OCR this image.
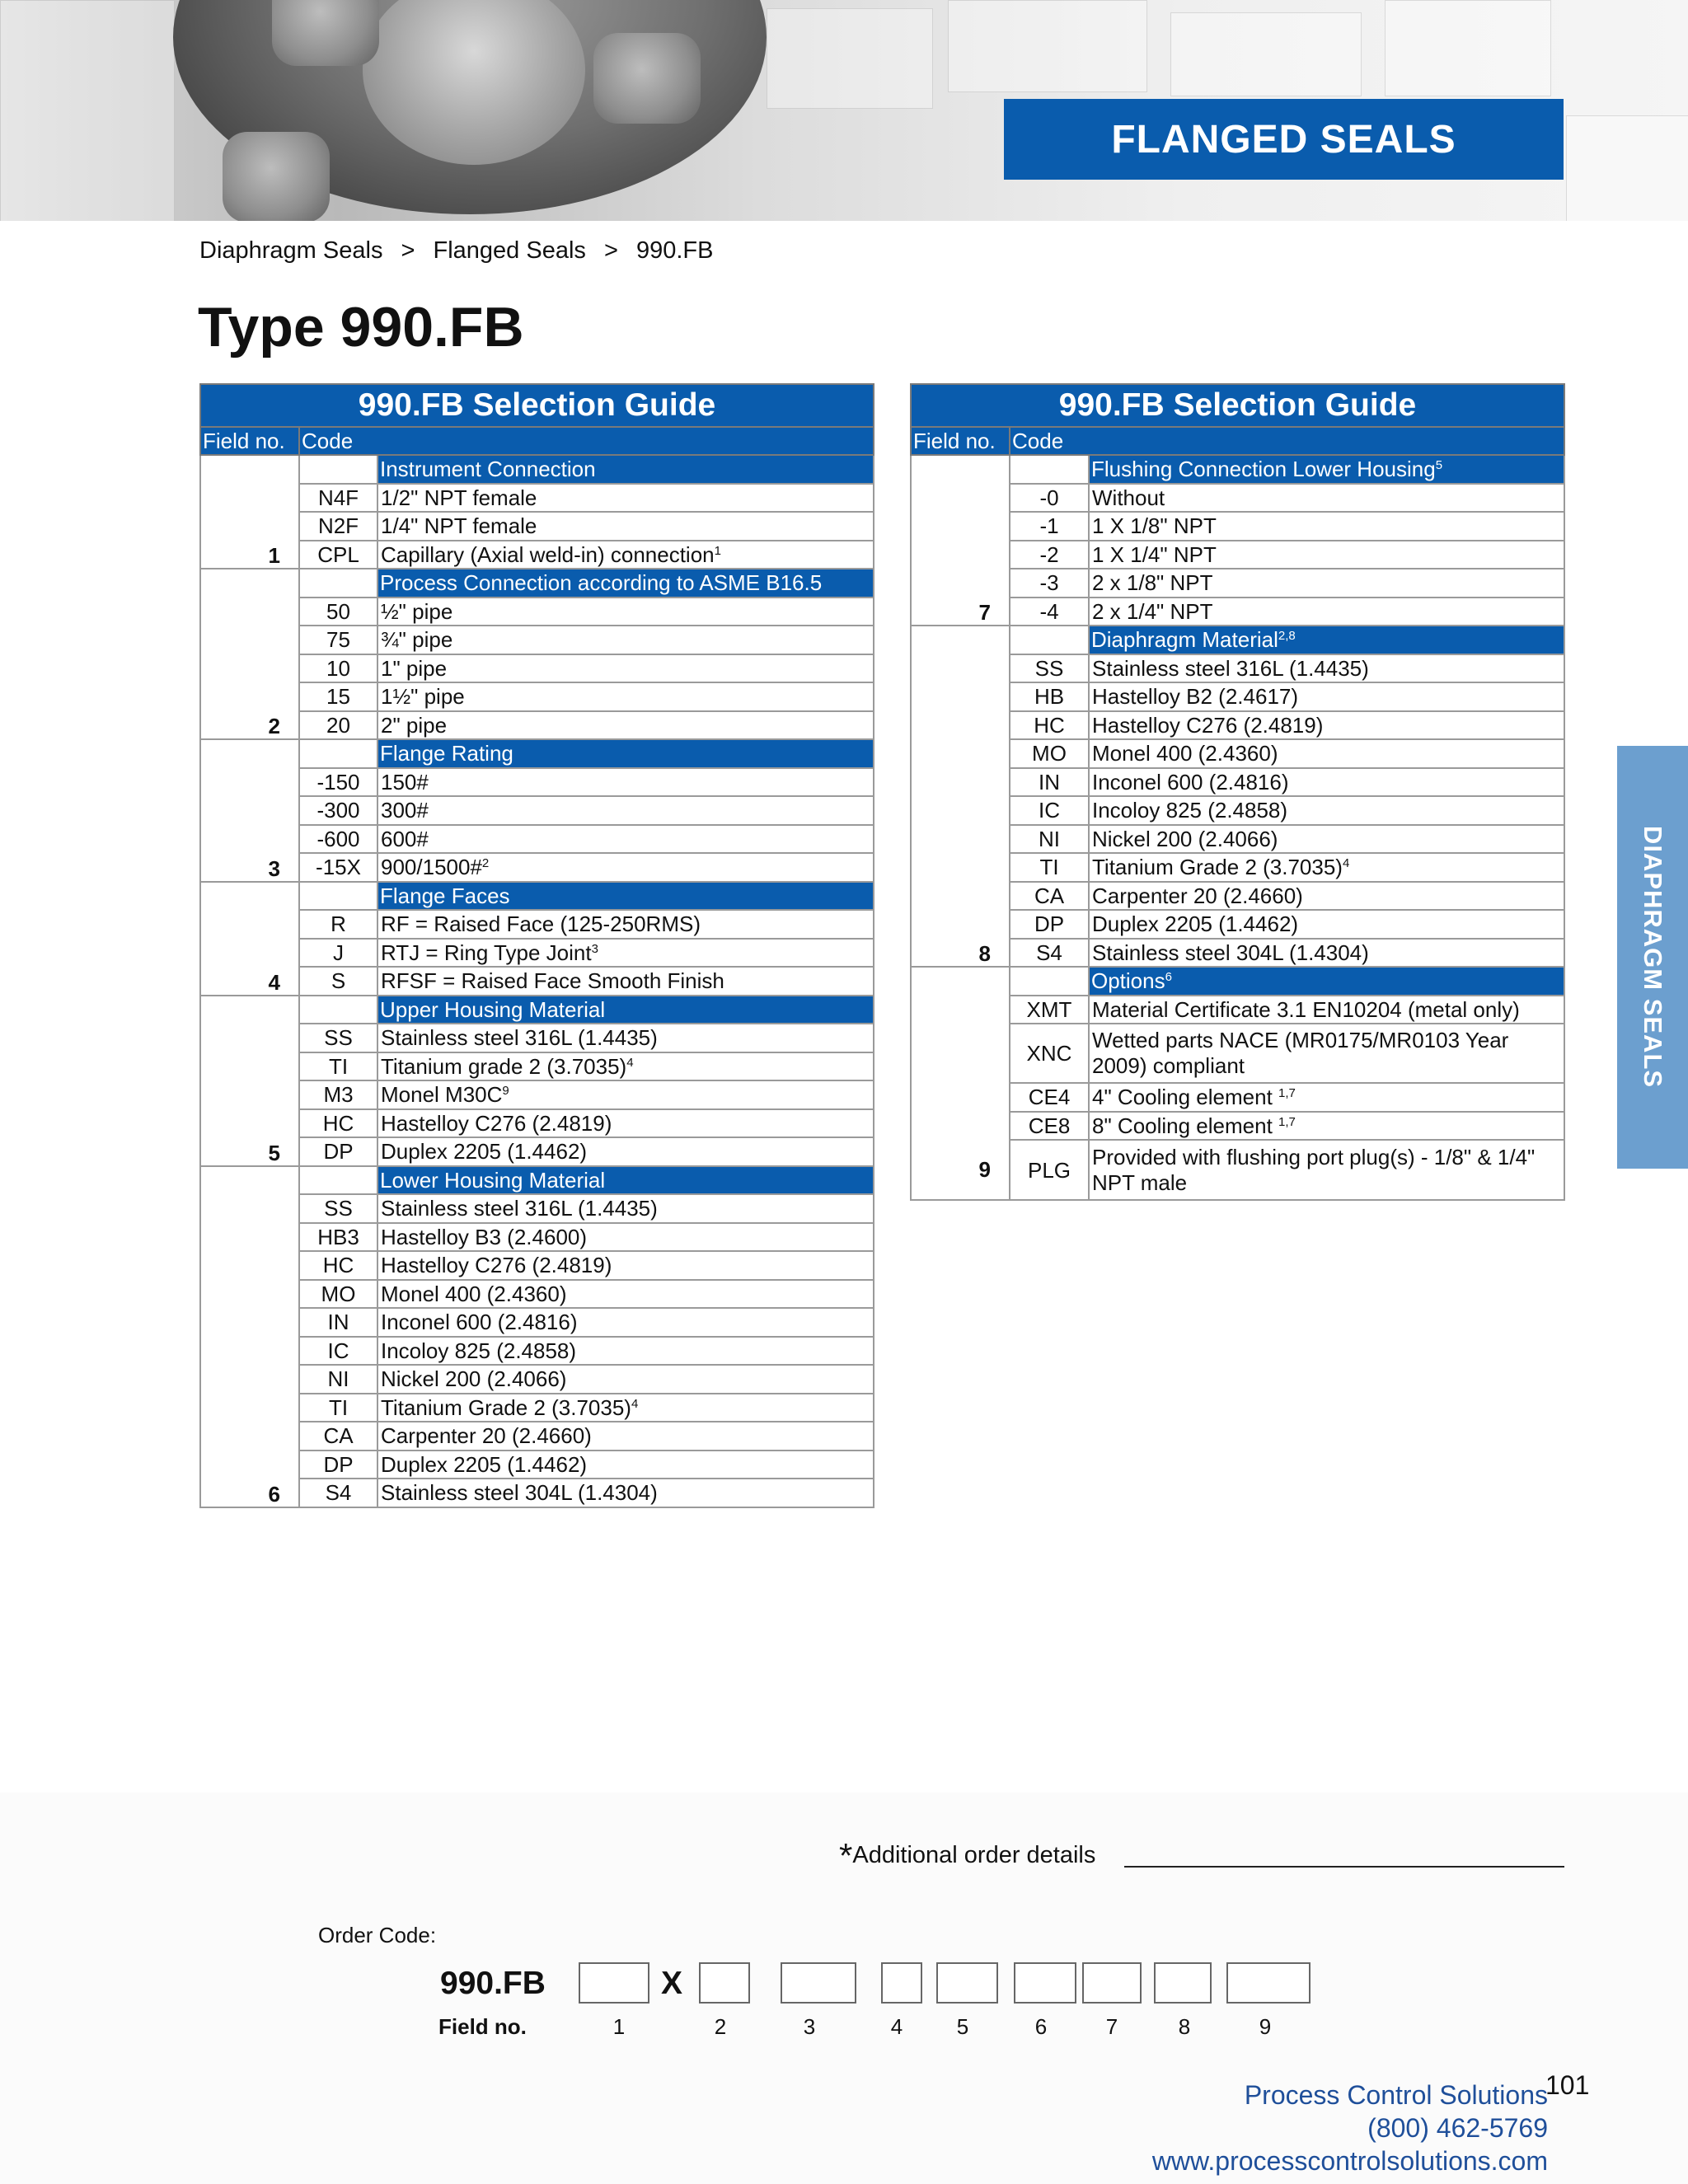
FLANGED SEALS
Diaphragm Seals > Flanged Seals > 990.FB
Type 990.FB
990.FB Selection Guide		
Field no.	Code	
		Instrument Connection
	N4F	1/2" NPT female
	N2F	1/4" NPT female
1	CPL	Capillary (Axial weld-in) connection$^1$
		Process Connection according to ASME B16.5
	50	½" pipe
	75	¾" pipe
	10	1" pipe
	15	1½" pipe
2	20	2" pipe
		Flange Rating
	-150	150#
	-300	300#
	-600	600#
3	-15X	900/1500#$^2$
		Flange Faces
	R	RF = Raised Face (125-250RMS)
	J	RTJ = Ring Type Joint$^3$
4	S	RFSF = Raised Face Smooth Finish
		Upper Housing Material
	SS	Stainless steel 316L (1.4435)
	TI	Titanium grade 2 $(3.7035)^4$
	M3	Monel $M30C^9$
	HC	Hastelloy C276 (2.4819)
5	DP	Duplex 2205 (1.4462)
		Lower Housing Material
	SS	Stainless steel 316L (1.4435)
	HB3	Hastelloy B3 (2.4600)
	HC	Hastelloy C276 (2.4819)
	MO	Monel 400 (2.4360)
	IN	Inconel 600 (2.4816)
	IC	Incoloy 825 (2.4858)
	NI	Nickel 200 (2.4066)
	TI	Titanium Grade 2 $(3.7035)^4$
	CA	Carpenter 20 (2.4660)
	DP	Duplex 2205 (1.4462)
6	S4	Stainless steel 304L (1.4304)
990.FB Selection Guide		
Field no.	Code	
		Flushing Connection Lower Housing$^5$
	-0	Without
	-1	1 X 1/8" NPT
	-2	1 X 1/4" NPT
	-3	2 x 1/8" NPT
7	-4	2 x 1/4" NPT
		Diaphragm Material$^{2,8}$
	SS	Stainless steel 316L (1.4435)
	HB	Hastelloy B2 (2.4617)
	HC	Hastelloy C276 (2.4819)
	MO	Monel 400 (2.4360)
	IN	Inconel 600 (2.4816)
	IC	Incoloy 825 (2.4858)
	NI	Nickel 200 (2.4066)
	TI	Titanium Grade 2 $(3.7035)^4$
	CA	Carpenter 20 (2.4660)
	DP	Duplex 2205 (1.4462)
8	S4	Stainless steel 304L (1.4304)
		Options$^6$
	XMT	Material Certificate 3.1 EN10204 (metal only)
	XNC	Wetted parts NACE (MR0175/MR0103 Year 2009) compliant
	CE4	4" Cooling element $^{1,7}$
	CE8	8" Cooling element $^{1,7}$
9	PLG	Provided with flushing port plug(s) - 1/8" & 1/4" NPT male
DIAPHRAGM SEALS
*Additional order details
Order Code:
990.FB	X
Field no.	1	2	3	4	5	6	7	8	9
101
Process Control Solutions
(800) 462-5769
www.processcontrolsolutions.com
